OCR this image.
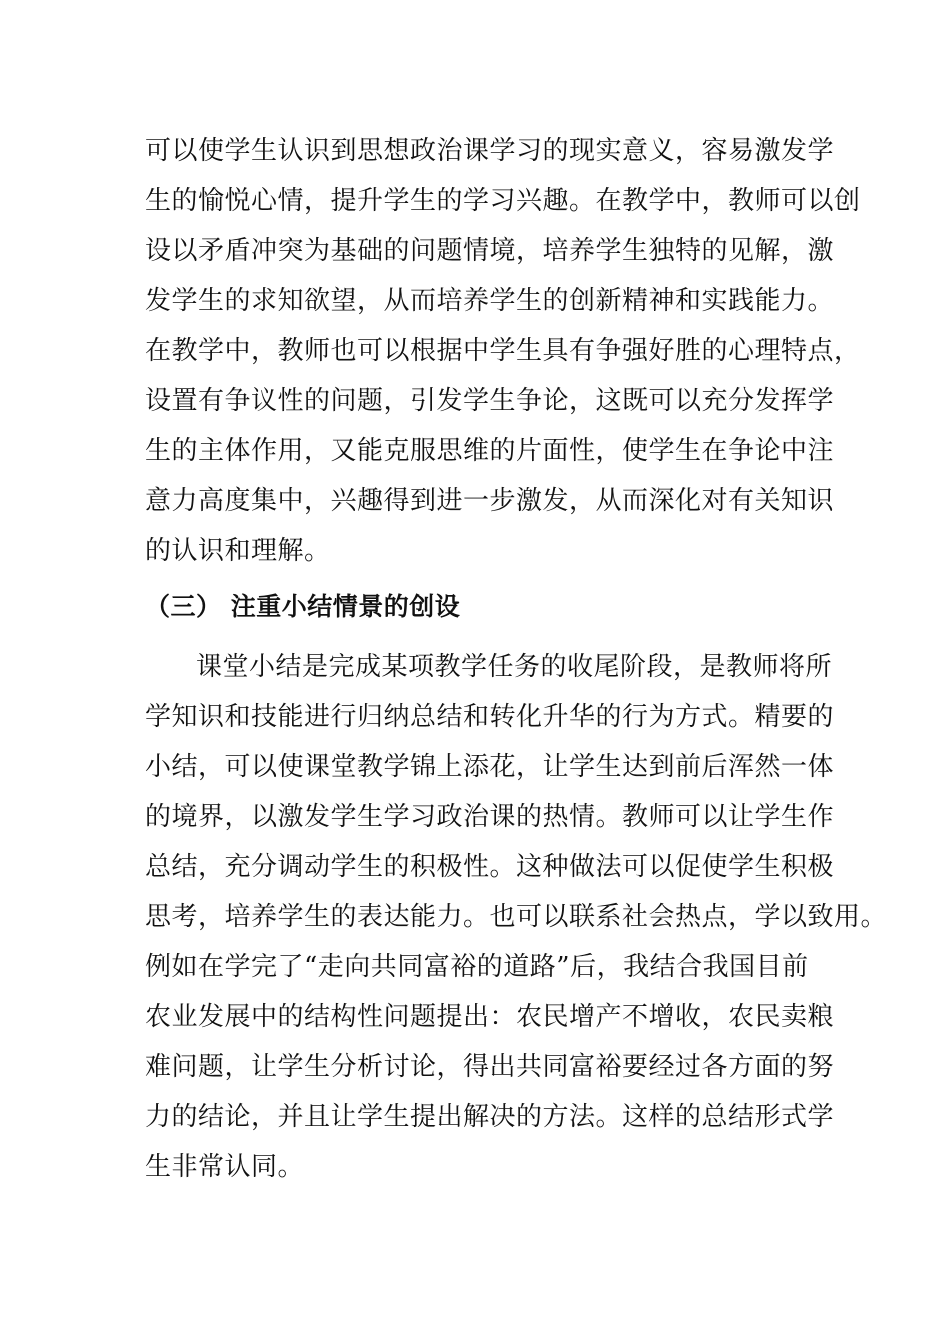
可以使学生认识到思想政治课学习的现实意义，容易激发学
生的愉悦心情，提升学生的学习兴趣。在教学中，教师可以创
设以矛盾冲突为基础的问题情境，培养学生独特的见解，激
发学生的求知欲望，从而培养学生的创新精神和实践能力。
在教学中，教师也可以根据中学生具有争强好胜的心理特点，
设置有争议性的问题，引发学生争论，这既可以充分发挥学
生的主体作用，又能克服思维的片面性，使学生在争论中注
意力高度集中，兴趣得到进一步激发，从而深化对有关知识
的认识和理解。
（三） 注重小结情景的创设
课堂小结是完成某项教学任务的收尾阶段，是教师将所
学知识和技能进行归纳总结和转化升华的行为方式。精要的
小结，可以使课堂教学锦上添花，让学生达到前后浑然一体
的境界，以激发学生学习政治课的热情。教师可以让学生作
总结，充分调动学生的积极性。这种做法可以促使学生积极
思考，培养学生的表达能力。也可以联系社会热点，学以致用。
例如在学完了“走向共同富裕的道路”后，我结合我国目前
农业发展中的结构性问题提出：农民增产不增收，农民卖粮
难问题，让学生分析讨论，得出共同富裕要经过各方面的努
力的结论，并且让学生提出解决的方法。这样的总结形式学
生非常认同。
